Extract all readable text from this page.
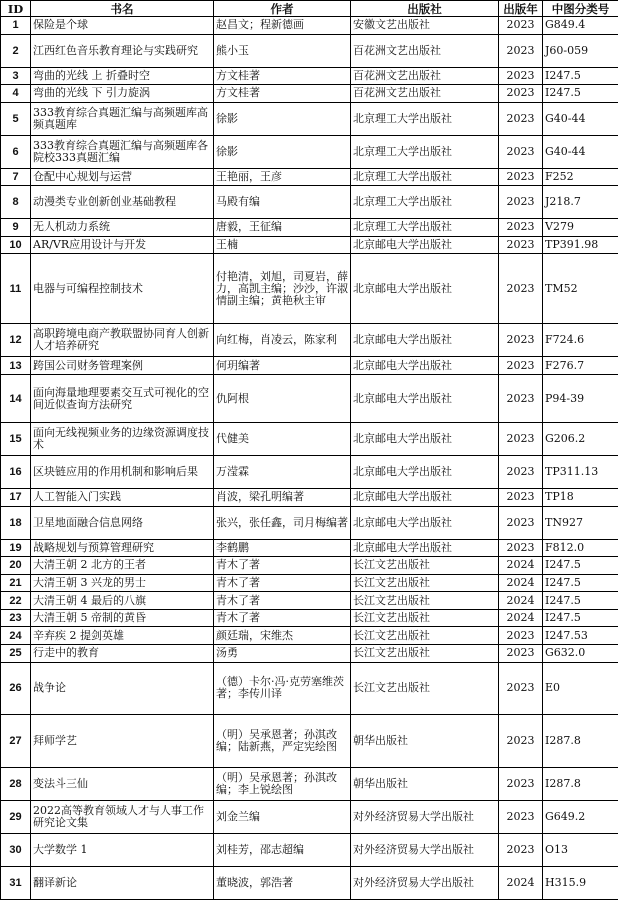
ID	书名	作者	出版社	出版年	中图分类号
1	保险是个球	赵昌文；程新德画	安徽文艺出版社	2023	G849.4
2	江西红色音乐教育理论与实践研究	熊小玉	百花洲文艺出版社	2023	J60-059
3	弯曲的光线 上 折叠时空	方文桂著	百花洲文艺出版社	2023	I247.5
4	弯曲的光线 下 引力旋涡	方文桂著	百花洲文艺出版社	2023	I247.5
5	333教育综合真题汇编与高频题库高频真题库	徐影	北京理工大学出版社	2023	G40-44
6	333教育综合真题汇编与高频题库各院校333真题汇编	徐影	北京理工大学出版社	2023	G40-44
7	仓配中心规划与运营	王艳丽，王彦	北京理工大学出版社	2023	F252
8	动漫类专业创新创业基础教程	马殿有编	北京理工大学出版社	2023	J218.7
9	无人机动力系统	唐毅，王征编	北京理工大学出版社	2023	V279
10	AR/VR应用设计与开发	王楠	北京邮电大学出版社	2023	TP391.98
11	电器与可编程控制技术	付艳清，刘旭，司夏岩，薛力，高凯主编；沙沙，许淑情副主编；黄艳秋主审	北京邮电大学出版社	2023	TM52
12	高职跨境电商产教联盟协同育人创新人才培养研究	向红梅，肖凌云，陈家利	北京邮电大学出版社	2023	F724.6
13	跨国公司财务管理案例	何玥编著	北京邮电大学出版社	2023	F276.7
14	面向海量地理要素交互式可视化的空间近似查询方法研究	仇阿根	北京邮电大学出版社	2023	P94-39
15	面向无线视频业务的边缘资源调度技术	代健美	北京邮电大学出版社	2023	G206.2
16	区块链应用的作用机制和影响后果	万滢霖	北京邮电大学出版社	2023	TP311.13
17	人工智能入门实践	肖波，梁孔明编著	北京邮电大学出版社	2023	TP18
18	卫星地面融合信息网络	张兴，张任鑫，司月梅编著	北京邮电大学出版社	2023	TN927
19	战略规划与预算管理研究	李鹤鹏	北京邮电大学出版社	2023	F812.0
20	大清王朝 2 北方的王者	青木了著	长江文艺出版社	2024	I247.5
21	大清王朝 3 兴龙的男士	青木了著	长江文艺出版社	2024	I247.5
22	大清王朝 4 最后的八旗	青木了著	长江文艺出版社	2024	I247.5
23	大清王朝 5 帝制的黄昏	青木了著	长江文艺出版社	2024	I247.5
24	辛弃疾 2 提剑英雄	颜廷瑞，宋维杰	长江文艺出版社	2023	I247.53
25	行走中的教育	汤勇	长江文艺出版社	2023	G632.0
26	战争论	（德）卡尔·冯·克劳塞维茨著；李传川译	长江文艺出版社	2023	E0
27	拜师学艺	（明）吴承恩著；孙淇改编；陆新燕，严定宪绘图	朝华出版社	2023	I287.8
28	变法斗三仙	（明）吴承恩著；孙淇改编；李上锐绘图	朝华出版社	2023	I287.8
29	2022高等教育领域人才与人事工作研究论文集	刘金兰编	对外经济贸易大学出版社	2023	G649.2
30	大学数学 1	刘桂芳，邵志超编	对外经济贸易大学出版社	2023	O13
31	翻译新论	董晓波，郭浩著	对外经济贸易大学出版社	2024	H315.9
